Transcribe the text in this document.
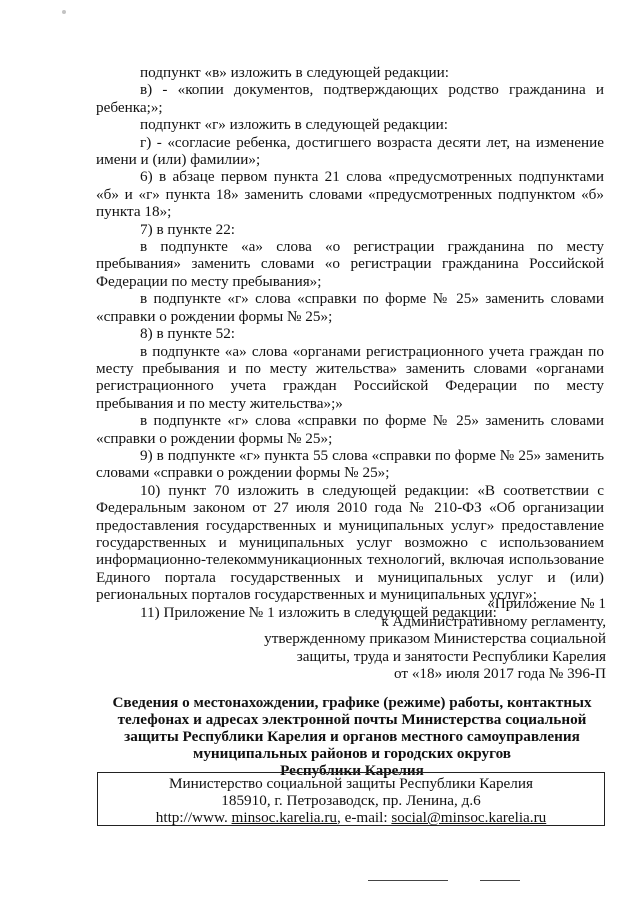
подпункт «в» изложить в следующей редакции:

в) - «копии документов, подтверждающих родство гражданина и ребенка;»;

подпункт «г» изложить в следующей редакции:

г) - «согласие ребенка, достигшего возраста десяти лет, на изменение имени и (или) фамилии»;

6) в абзаце первом пункта 21 слова «предусмотренных подпунктами «б» и «г» пункта 18» заменить словами «предусмотренных подпунктом «б» пункта 18»;

7) в пункте 22:

в подпункте «а» слова «о регистрации гражданина по месту пребывания» заменить словами «о регистрации гражданина Российской Федерации по месту пребывания»;

в подпункте «г» слова «справки по форме № 25» заменить словами «справки о рождении формы № 25»;

8) в пункте 52:

в подпункте «а» слова «органами регистрационного учета граждан по месту пребывания и по месту жительства» заменить словами «органами регистрационного учета граждан Российской Федерации по месту пребывания и по месту жительства»;»

в подпункте «г» слова «справки по форме № 25» заменить словами «справки о рождении формы № 25»;

9) в подпункте «г» пункта 55 слова «справки по форме № 25» заменить словами «справки о рождении формы № 25»;

10) пункт 70 изложить в следующей редакции: «В соответствии с Федеральным законом от 27 июля 2010 года № 210-ФЗ «Об организации предоставления государственных и муниципальных услуг» предоставление государственных и муниципальных услуг возможно с использованием информационно-телекоммуникационных технологий, включая использование Единого портала государственных и муниципальных услуг и (или) региональных порталов государственных и муниципальных услуг»;

11) Приложение № 1 изложить в следующей редакции:

«Приложение № 1
к Административному регламенту,
утвержденному приказом Министерства социальной
защиты, труда и занятости Республики Карелия
от «18» июля 2017 года № 396-П
Сведения о местонахождении, графике (режиме) работы, контактных
телефонах и адресах электронной почты Министерства социальной
защиты Республики Карелия и органов местного самоуправления
муниципальных районов и городских округов
Республики Карелия
Министерство социальной защиты Республики Карелия
185910, г. Петрозаводск, пр. Ленина, д.6
http://www. minsoc.karelia.ru, e-mail: social@minsoc.karelia.ru
